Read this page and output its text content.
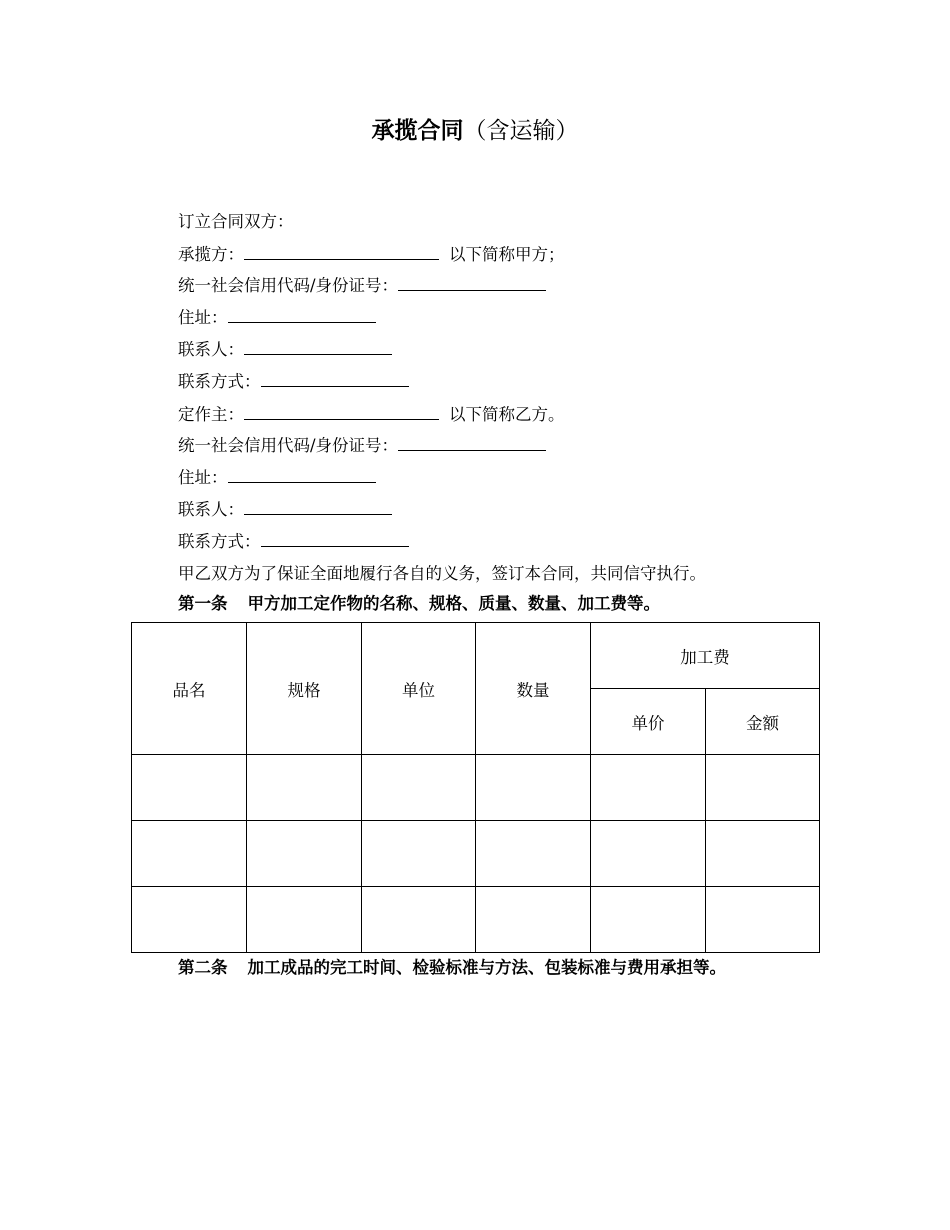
承揽合同（含运输）
订立合同双方：
承揽方：	以下简称甲方；
统一社会信用代码/身份证号：
住址：
联系人：
联系方式：
定作主：	以下简称乙方。
统一社会信用代码/身份证号：
住址：
联系人：
联系方式：
甲乙双方为了保证全面地履行各自的义务，签订本合同，共同信守执行。
第一条 甲方加工定作物的名称、规格、质量、数量、加工费等。
品名	规格	单位	数量	加工费	
				单价	金额

第二条 加工成品的完工时间、检验标准与方法、包装标准与费用承担等。
